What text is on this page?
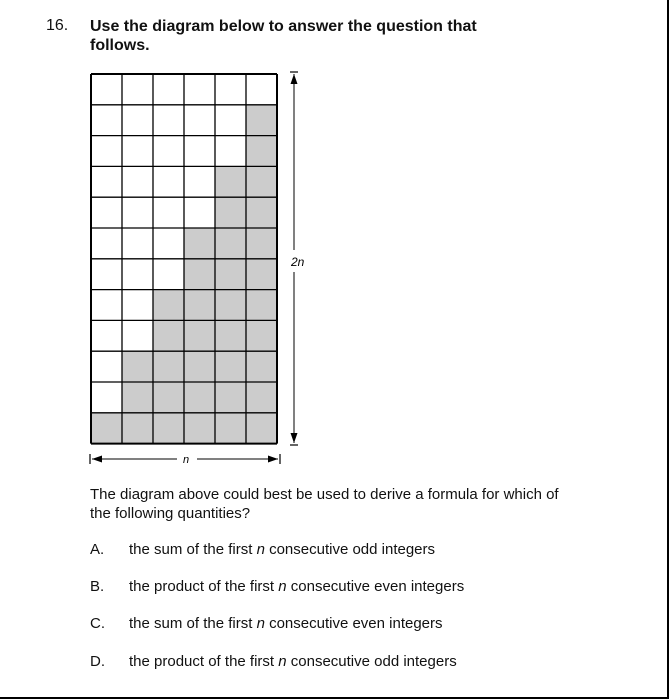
16. Use the diagram below to answer the question that follows.
2n
n
The diagram above could best be used to derive a formula for which of the following quantities?
A. the sum of the first n consecutive odd integers
B. the product of the first n consecutive even integers
C. the sum of the first n consecutive even integers
D. the product of the first n consecutive odd integers
